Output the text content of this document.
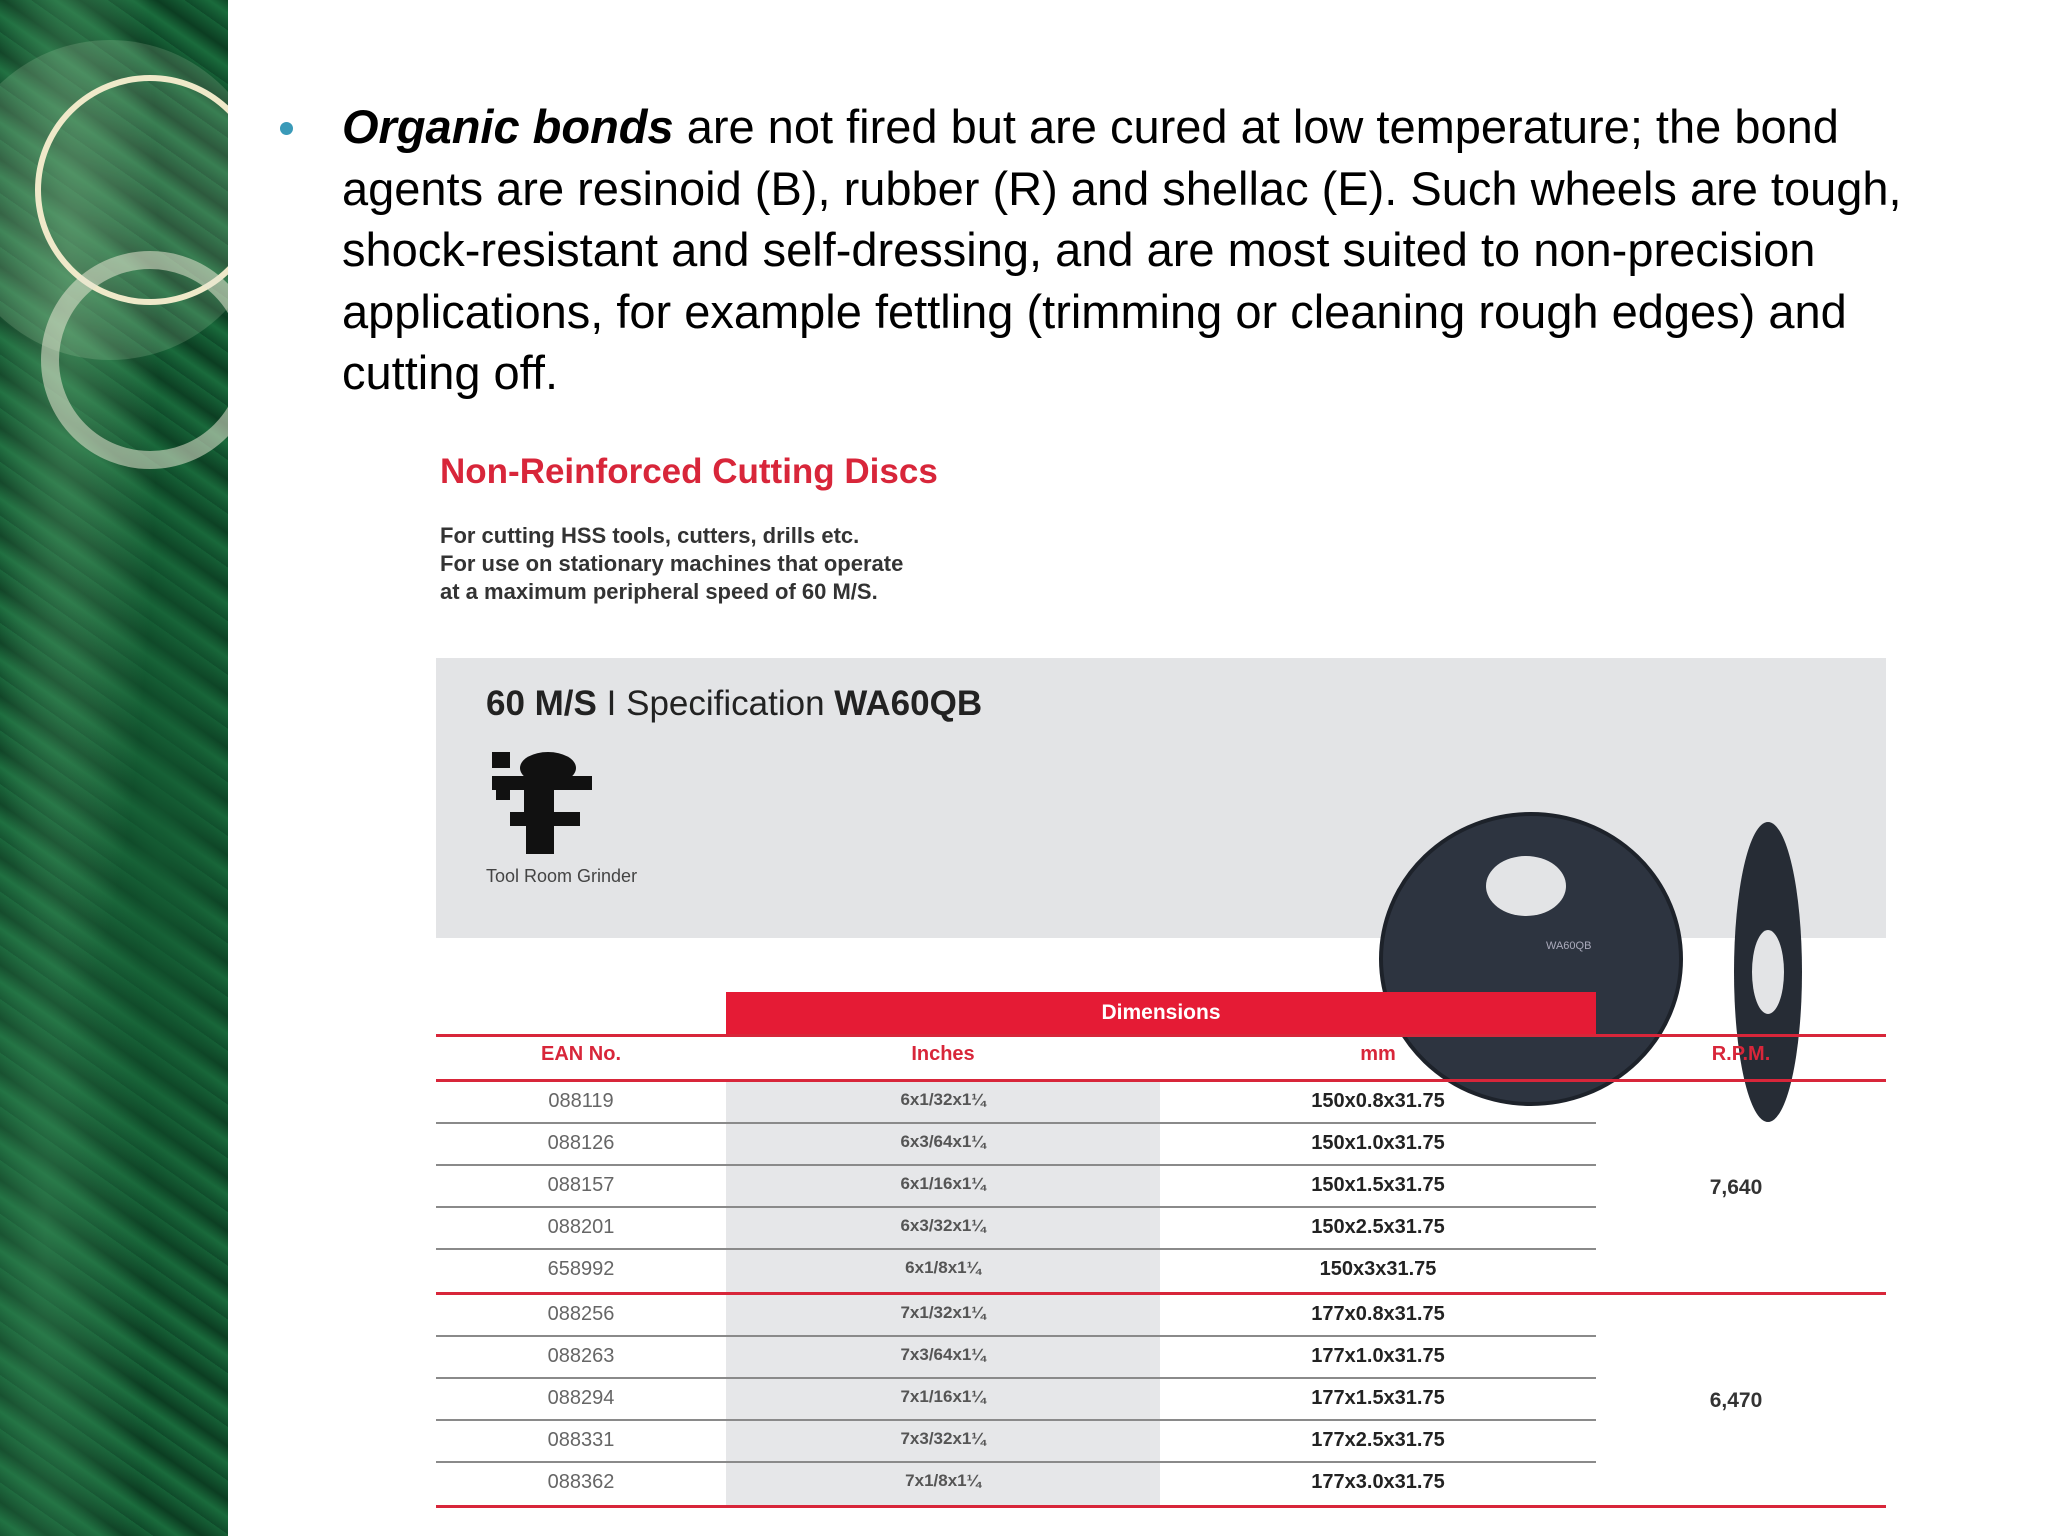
Organic bonds are not fired but are cured at low temperature; the bond agents are resinoid (B), rubber (R) and shellac (E). Such wheels are tough, shock-resistant and self-dressing, and are most suited to non-precision applications, for example fettling (trimming or cleaning rough edges) and cutting off.
Non-Reinforced Cutting Discs
For cutting HSS tools, cutters, drills etc.
For use on stationary machines that operate
at a maximum peripheral speed of 60 M/S.
60 M/S I Specification WA60QB
Tool Room Grinder
WA60QB
Dimensions
EAN No.	Inches	mm	R.P.M.
088119	6x1/32x1¼	150x0.8x31.75
088126	6x3/64x1¼	150x1.0x31.75
088157	6x1/16x1¼	150x1.5x31.75
088201	6x3/32x1¼	150x2.5x31.75
658992	6x1/8x1¼	150x3x31.75
7,640
088256	7x1/32x1¼	177x0.8x31.75
088263	7x3/64x1¼	177x1.0x31.75
088294	7x1/16x1¼	177x1.5x31.75
088331	7x3/32x1¼	177x2.5x31.75
088362	7x1/8x1¼	177x3.0x31.75
6,470
